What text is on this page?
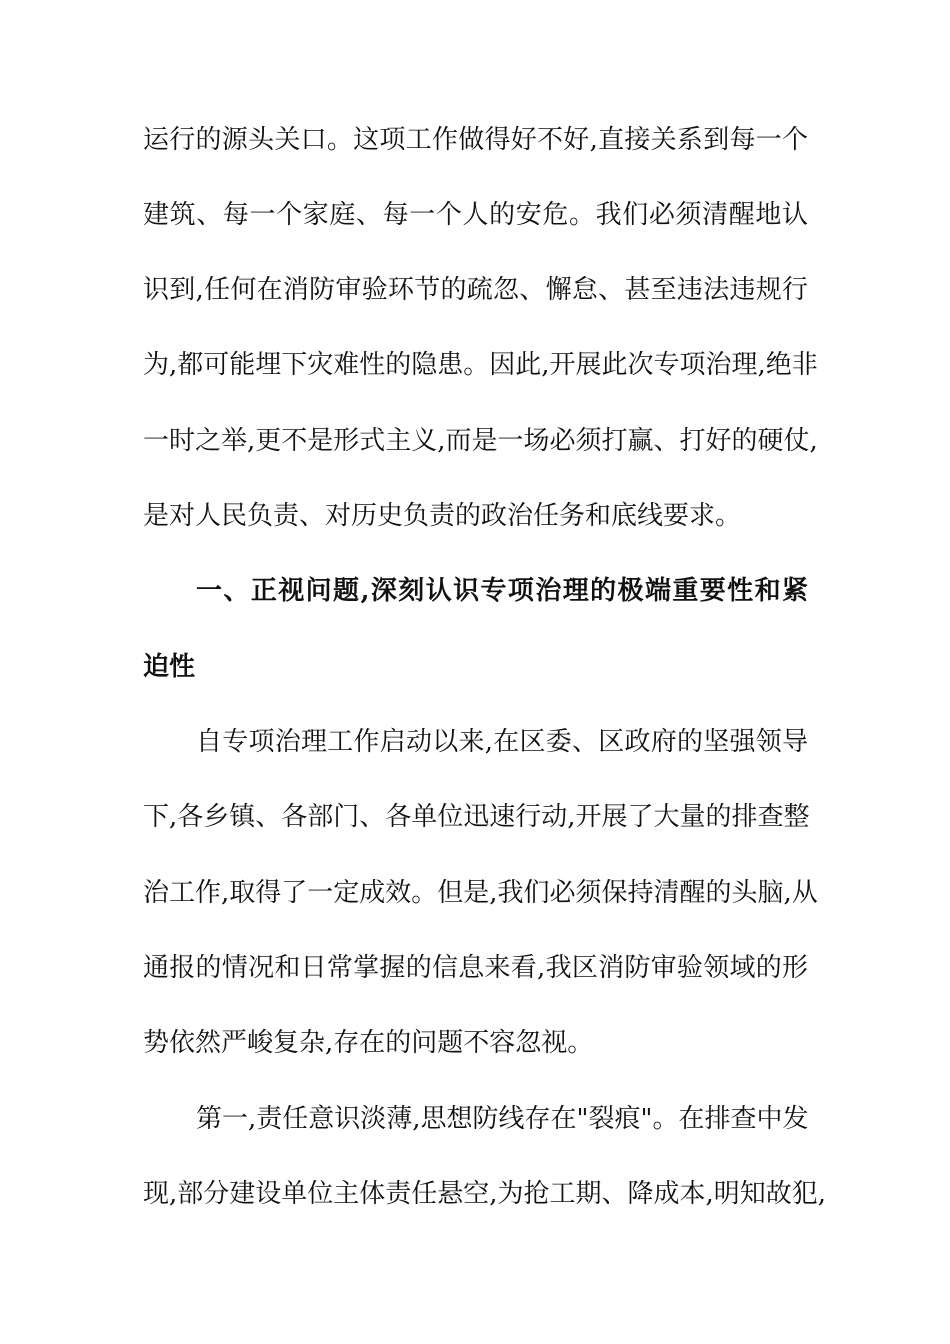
运行的源头关口。这项工作做得好不好,直接关系到每一个
建筑、每一个家庭、每一个人的安危。我们必须清醒地认
识到,任何在消防审验环节的疏忽、懈怠、甚至违法违规行
为,都可能埋下灾难性的隐患。因此,开展此次专项治理,绝非
一时之举,更不是形式主义,而是一场必须打赢、打好的硬仗,
是对人民负责、对历史负责的政治任务和底线要求。
一、正视问题,深刻认识专项治理的极端重要性和紧
迫性
自专项治理工作启动以来,在区委、区政府的坚强领导
下,各乡镇、各部门、各单位迅速行动,开展了大量的排查整
治工作,取得了一定成效。但是,我们必须保持清醒的头脑,从
通报的情况和日常掌握的信息来看,我区消防审验领域的形
势依然严峻复杂,存在的问题不容忽视。
第一,责任意识淡薄,思想防线存在"裂痕"。在排查中发
现,部分建设单位主体责任悬空,为抢工期、降成本,明知故犯,
